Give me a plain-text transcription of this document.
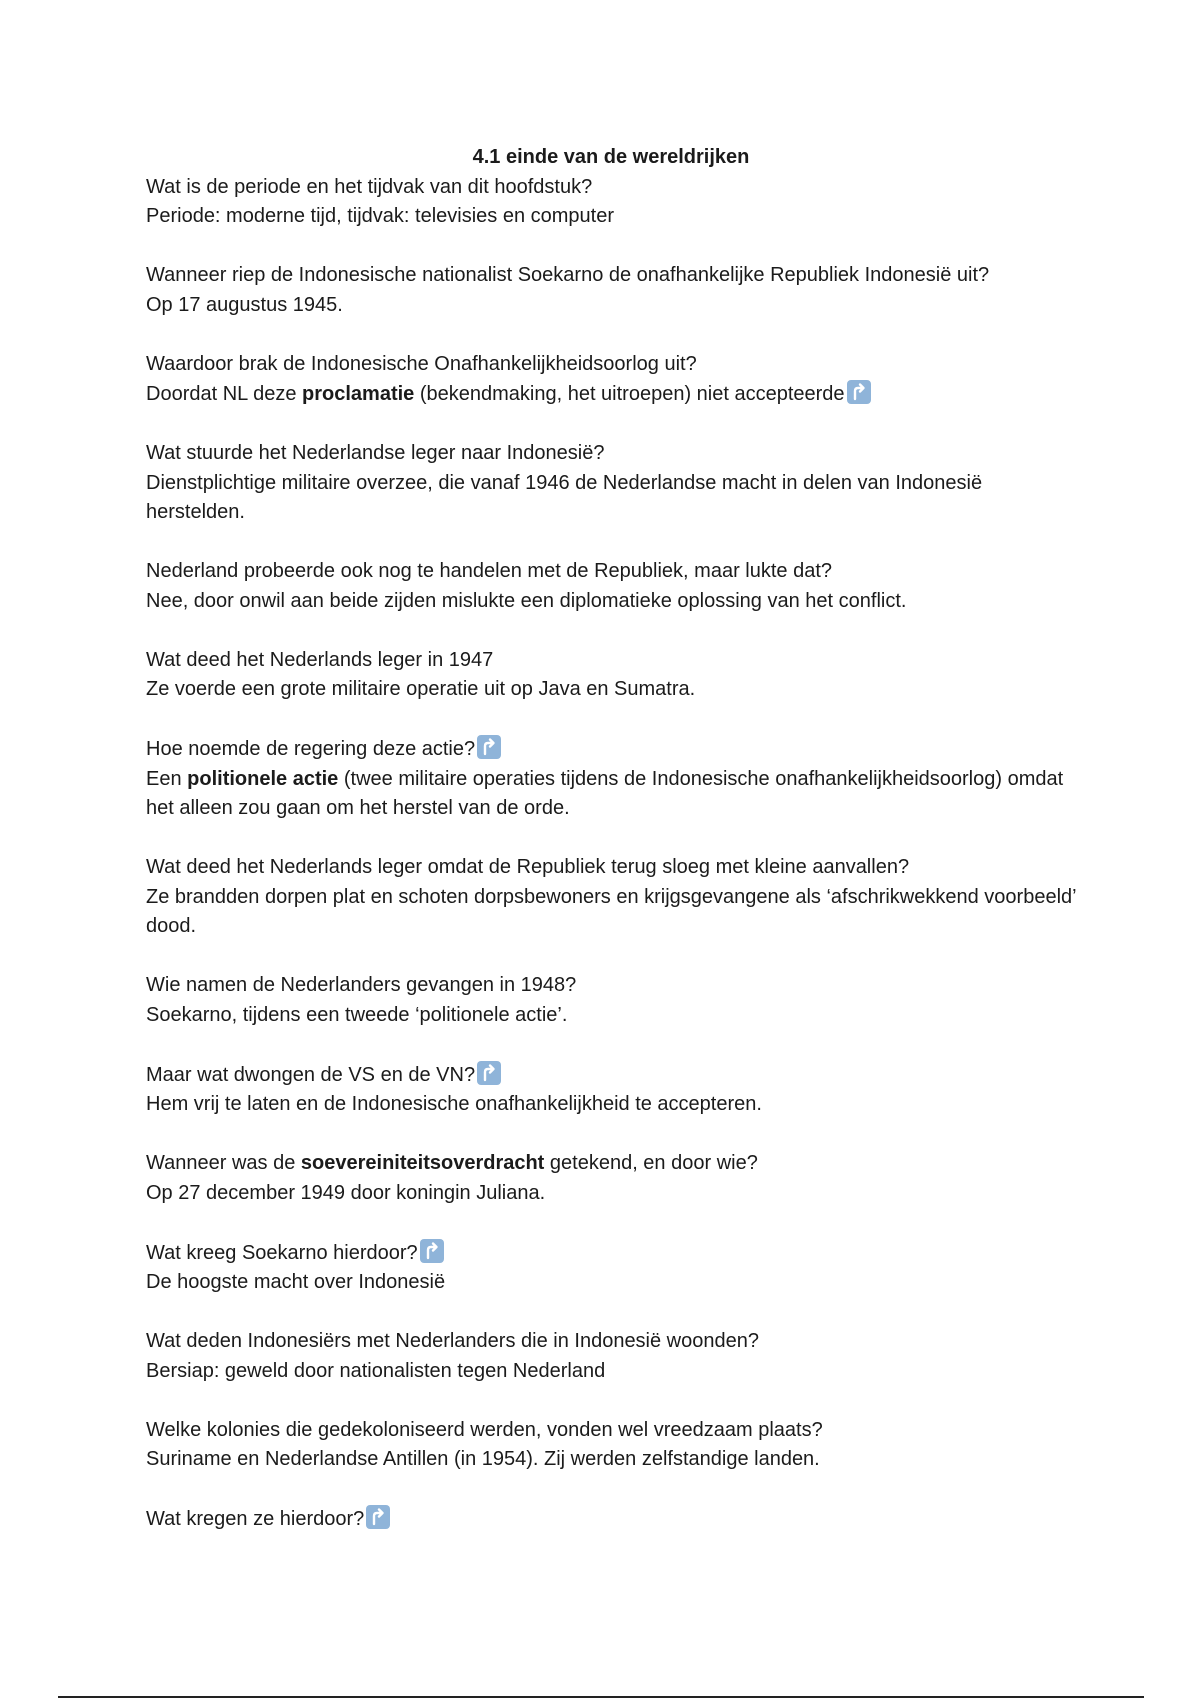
4.1 einde van de wereldrijken

Wat is de periode en het tijdvak van dit hoofdstuk?
Periode: moderne tijd, tijdvak: televisies en computer
Wanneer riep de Indonesische nationalist Soekarno de onafhankelijke Republiek Indonesië uit?
Op 17 augustus 1945.
Waardoor brak de Indonesische Onafhankelijkheidsoorlog uit?
Doordat NL deze proclamatie (bekendmaking, het uitroepen) niet accepteerde
Wat stuurde het Nederlandse leger naar Indonesië?
Dienstplichtige militaire overzee, die vanaf 1946 de Nederlandse macht in delen van Indonesië herstelden.
Nederland probeerde ook nog te handelen met de Republiek, maar lukte dat?
Nee, door onwil aan beide zijden mislukte een diplomatieke oplossing van het conflict.
Wat deed het Nederlands leger in 1947
Ze voerde een grote militaire operatie uit op Java en Sumatra.
Hoe noemde de regering deze actie?
Een politionele actie (twee militaire operaties tijdens de Indonesische onafhankelijkheidsoorlog) omdat het alleen zou gaan om het herstel van de orde.
Wat deed het Nederlands leger omdat de Republiek terug sloeg met kleine aanvallen?
Ze brandden dorpen plat en schoten dorpsbewoners en krijgsgevangene als ‘afschrikwekkend voorbeeld’ dood.
Wie namen de Nederlanders gevangen in 1948?
Soekarno, tijdens een tweede ‘politionele actie’.
Maar wat dwongen de VS en de VN?
Hem vrij te laten en de Indonesische onafhankelijkheid te accepteren.
Wanneer was de soevereiniteitsoverdracht getekend, en door wie?
Op 27 december 1949 door koningin Juliana.
Wat kreeg Soekarno hierdoor?
De hoogste macht over Indonesië
Wat deden Indonesiërs met Nederlanders die in Indonesië woonden?
Bersiap: geweld door nationalisten tegen Nederland
Welke kolonies die gedekoloniseerd werden, vonden wel vreedzaam plaats?
Suriname en Nederlandse Antillen (in 1954). Zij werden zelfstandige landen.
Wat kregen ze hierdoor?
